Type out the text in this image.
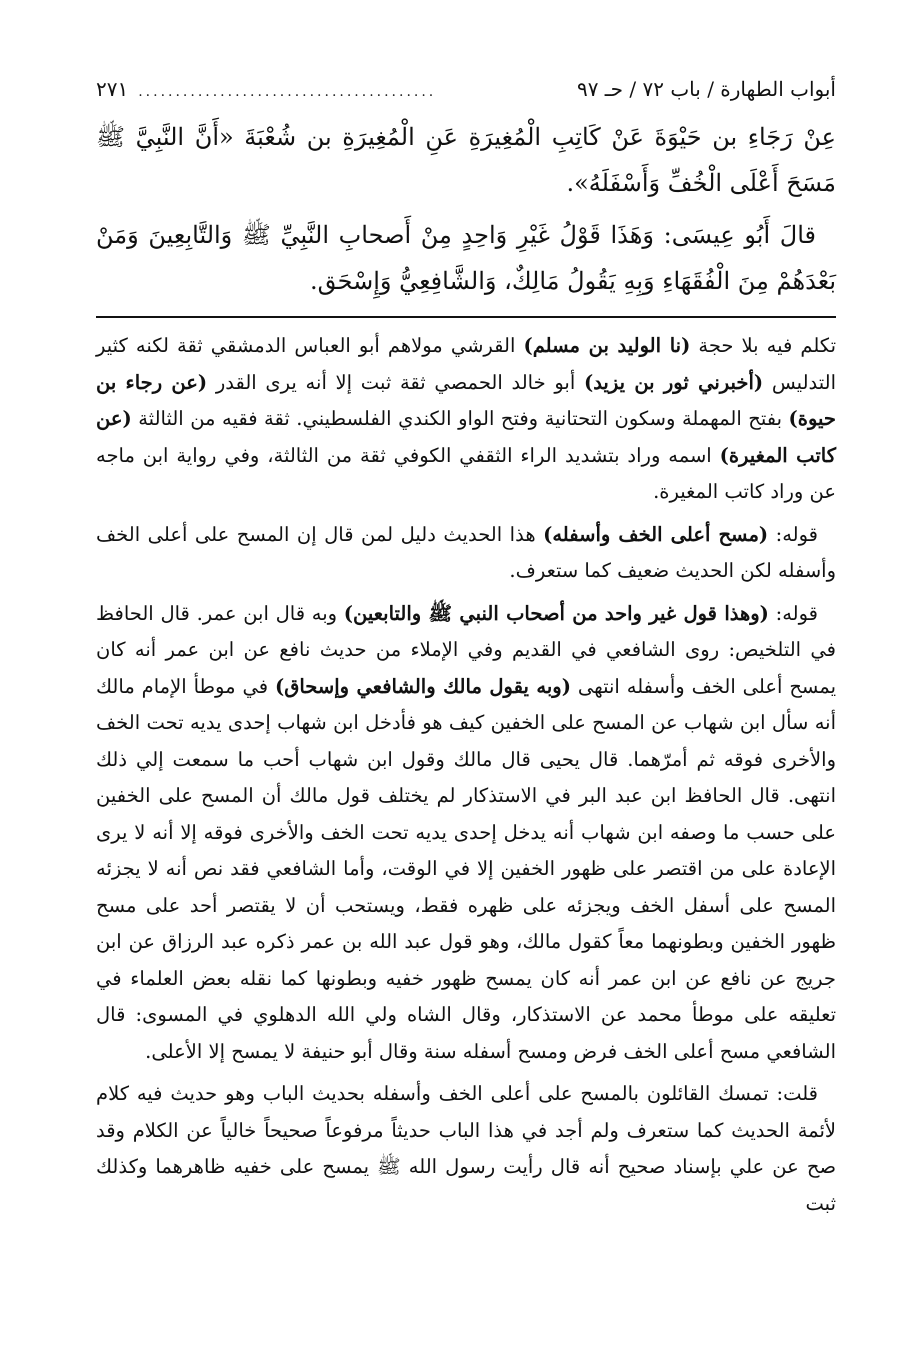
أبواب الطهارة / باب ٧٢ / حـ ٩٧
........................................
٢٧١

عِنْ رَجَاءِ بن حَيْوَةَ عَنْ كَاتِبِ الْمُغِيرَةِ عَنِ الْمُغِيرَةِ بن شُعْبَةَ «أَنَّ النَّبِيَّ ﷺ مَسَحَ أَعْلَى الْخُفِّ وَأَسْفَلَهُ».

قالَ أَبُو عِيسَى: وَهَذَا قَوْلُ غَيْرِ وَاحِدٍ مِنْ أَصحابِ النَّبِيِّ ﷺ وَالتَّابِعِينَ وَمَنْ بَعْدَهُمْ مِنَ الْفُقَهَاءِ وَبِهِ يَقُولُ مَالِكٌ، وَالشَّافِعِيُّ وَإِسْحَق.

تكلم فيه بلا حجة (نا الوليد بن مسلم) القرشي مولاهم أبو العباس الدمشقي ثقة لكنه كثير التدليس (أخبرني ثور بن يزيد) أبو خالد الحمصي ثقة ثبت إلا أنه يرى القدر (عن رجاء بن حيوة) بفتح المهملة وسكون التحتانية وفتح الواو الكندي الفلسطيني. ثقة فقيه من الثالثة (عن كاتب المغيرة) اسمه وراد بتشديد الراء الثقفي الكوفي ثقة من الثالثة، وفي رواية ابن ماجه عن وراد كاتب المغيرة.

قوله: (مسح أعلى الخف وأسفله) هذا الحديث دليل لمن قال إن المسح على أعلى الخف وأسفله لكن الحديث ضعيف كما ستعرف.

قوله: (وهذا قول غير واحد من أصحاب النبي ﷺ والتابعين) وبه قال ابن عمر. قال الحافظ في التلخيص: روى الشافعي في القديم وفي الإملاء من حديث نافع عن ابن عمر أنه كان يمسح أعلى الخف وأسفله انتهى (وبه يقول مالك والشافعي وإسحاق) في موطأ الإمام مالك أنه سأل ابن شهاب عن المسح على الخفين كيف هو فأدخل ابن شهاب إحدى يديه تحت الخف والأخرى فوقه ثم أمرّهما. قال يحيى قال مالك وقول ابن شهاب أحب ما سمعت إلي ذلك انتهى. قال الحافظ ابن عبد البر في الاستذكار لم يختلف قول مالك أن المسح على الخفين على حسب ما وصفه ابن شهاب أنه يدخل إحدى يديه تحت الخف والأخرى فوقه إلا أنه لا يرى الإعادة على من اقتصر على ظهور الخفين إلا في الوقت، وأما الشافعي فقد نص أنه لا يجزئه المسح على أسفل الخف ويجزئه على ظهره فقط، ويستحب أن لا يقتصر أحد على مسح ظهور الخفين وبطونهما معاً كقول مالك، وهو قول عبد الله بن عمر ذكره عبد الرزاق عن ابن جريج عن نافع عن ابن عمر أنه كان يمسح ظهور خفيه وبطونها كما نقله بعض العلماء في تعليقه على موطأ محمد عن الاستذكار، وقال الشاه ولي الله الدهلوي في المسوى: قال الشافعي مسح أعلى الخف فرض ومسح أسفله سنة وقال أبو حنيفة لا يمسح إلا الأعلى.

قلت: تمسك القائلون بالمسح على أعلى الخف وأسفله بحديث الباب وهو حديث فيه كلام لأئمة الحديث كما ستعرف ولم أجد في هذا الباب حديثاً مرفوعاً صحيحاً خالياً عن الكلام وقد صح عن علي بإسناد صحيح أنه قال رأيت رسول الله ﷺ يمسح على خفيه ظاهرهما وكذلك ثبت
